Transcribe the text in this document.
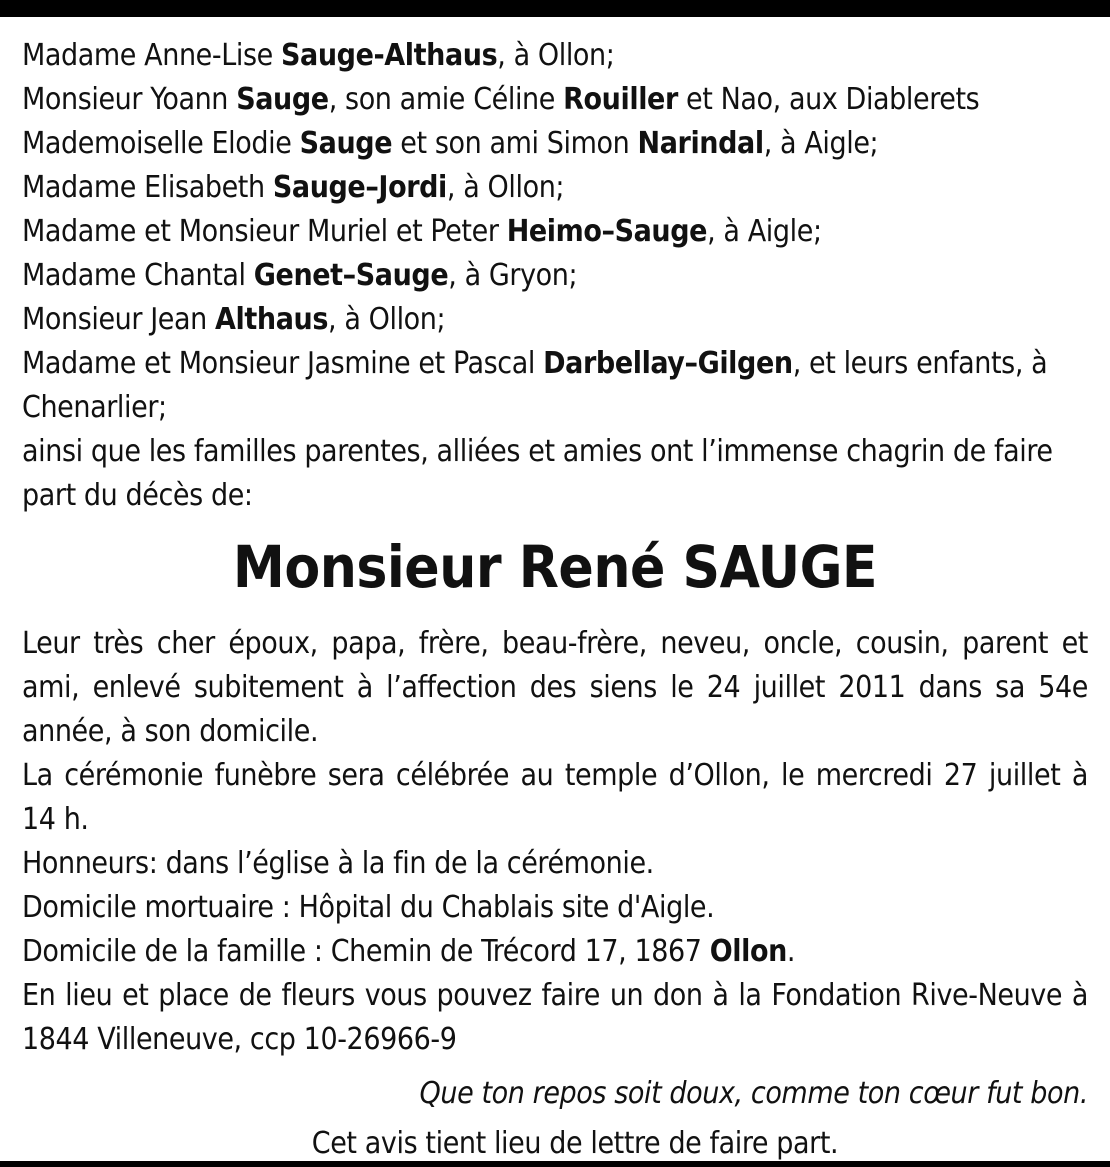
Madame Anne-Lise Sauge-Althaus, à Ollon;
Monsieur Yoann Sauge, son amie Céline Rouiller et Nao, aux Diablerets
Mademoiselle Elodie Sauge et son ami Simon Narindal, à Aigle;
Madame Elisabeth Sauge–Jordi, à Ollon;
Madame et Monsieur Muriel et Peter Heimo–Sauge, à Aigle;
Madame Chantal Genet–Sauge, à Gryon;
Monsieur Jean Althaus, à Ollon;
Madame et Monsieur Jasmine et Pascal Darbellay–Gilgen, et leurs enfants, à Chenarlier;
ainsi que les familles parentes, alliées et amies ont l’immense chagrin de faire part du décès de:
Monsieur René SAUGE
Leur très cher époux, papa, frère, beau-frère, neveu, oncle, cousin, parent et ami, enlevé subitement à l’affection des siens le 24 juillet 2011 dans sa 54e année, à son domicile.
La cérémonie funèbre sera célébrée au temple d’Ollon, le mercredi 27 juillet à 14 h.
Honneurs: dans l’église à la fin de la cérémonie.
Domicile mortuaire : Hôpital du Chablais site d'Aigle.
Domicile de la famille : Chemin de Trécord 17, 1867 Ollon.
En lieu et place de fleurs vous pouvez faire un don à la Fondation Rive-Neuve à 1844 Villeneuve, ccp 10-26966-9
Que ton repos soit doux, comme ton cœur fut bon.
Cet avis tient lieu de lettre de faire part.
